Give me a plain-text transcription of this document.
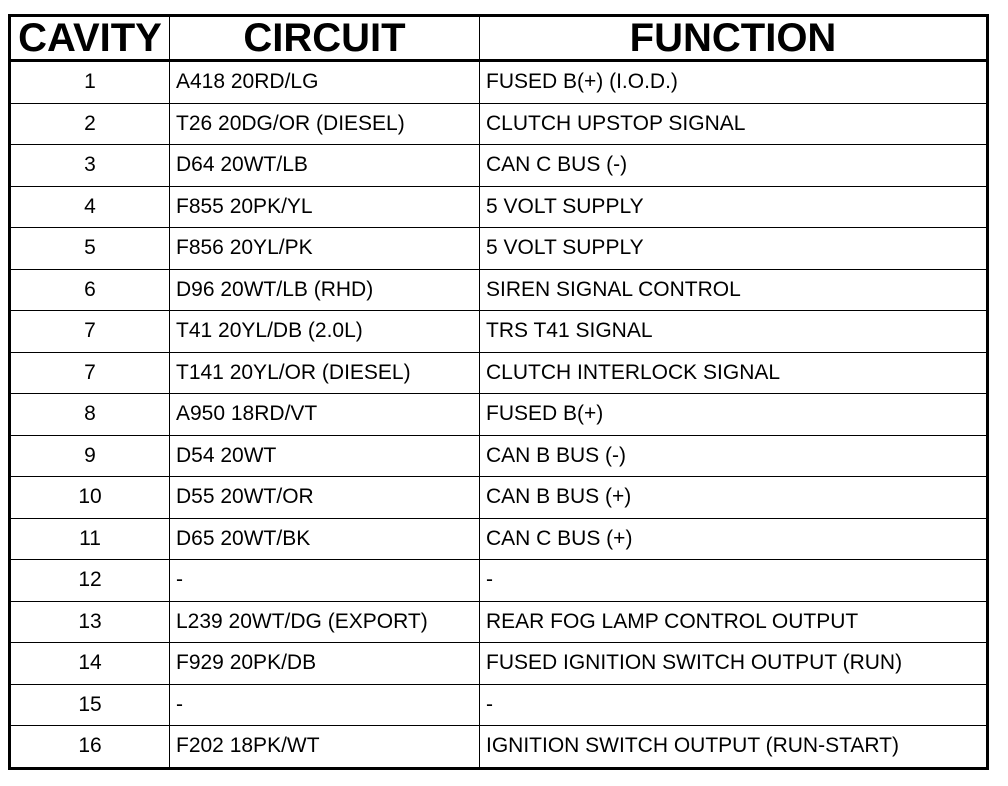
CAVITY	CIRCUIT	FUNCTION
1	A418 20RD/LG	FUSED B(+) (I.O.D.)
2	T26 20DG/OR (DIESEL)	CLUTCH UPSTOP SIGNAL
3	D64 20WT/LB	CAN C BUS (-)
4	F855 20PK/YL	5 VOLT SUPPLY
5	F856 20YL/PK	5 VOLT SUPPLY
6	D96 20WT/LB (RHD)	SIREN SIGNAL CONTROL
7	T41 20YL/DB (2.0L)	TRS T41 SIGNAL
7	T141 20YL/OR (DIESEL)	CLUTCH INTERLOCK SIGNAL
8	A950 18RD/VT	FUSED B(+)
9	D54 20WT	CAN B BUS (-)
10	D55 20WT/OR	CAN B BUS (+)
11	D65 20WT/BK	CAN C BUS (+)
12	-	-
13	L239 20WT/DG (EXPORT)	REAR FOG LAMP CONTROL OUTPUT
14	F929 20PK/DB	FUSED IGNITION SWITCH OUTPUT (RUN)
15	-	-
16	F202 18PK/WT	IGNITION SWITCH OUTPUT (RUN-START)
